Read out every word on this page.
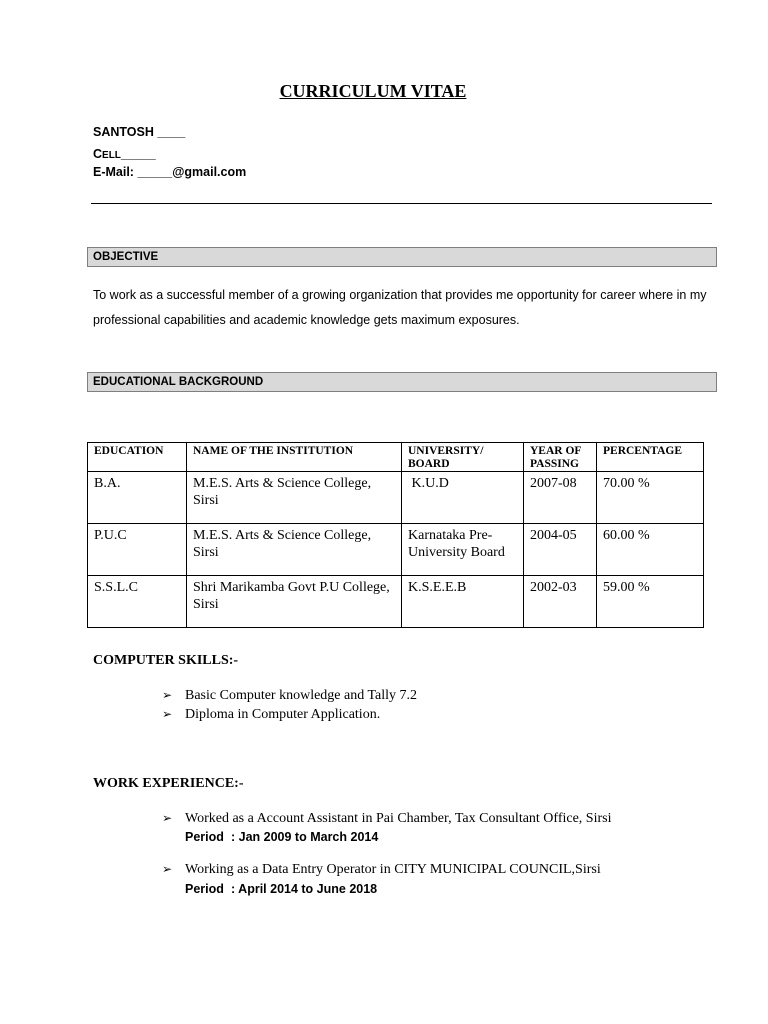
CURRICULUM VITAE
SANTOSH ____
CELL_____
E-Mail: _____@gmail.com
OBJECTIVE

To work as a successful member of a growing organization that provides me opportunity for career where in my professional capabilities and academic knowledge gets maximum exposures.

EDUCATIONAL BACKGROUND
EDUCATION	NAME OF THE INSTITUTION	UNIVERSITY/ BOARD	YEAR OF PASSING	PERCENTAGE
B.A.	M.E.S. Arts & Science College, Sirsi	K.U.D	2007-08	70.00 %
P.U.C	M.E.S. Arts & Science College, Sirsi	Karnataka Pre-University Board	2004-05	60.00 %
S.S.L.C	Shri Marikamba Govt P.U College, Sirsi	K.S.E.E.B	2002-03	59.00 %
COMPUTER SKILLS:-
➢ Basic Computer knowledge and Tally 7.2
➢ Diploma in Computer Application.
WORK EXPERIENCE:-
➢ Worked as a Account Assistant in Pai Chamber, Tax Consultant Office, Sirsi
Period : Jan 2009 to March 2014
➢ Working as a Data Entry Operator in CITY MUNICIPAL COUNCIL,Sirsi
Period : April 2014 to June 2018
